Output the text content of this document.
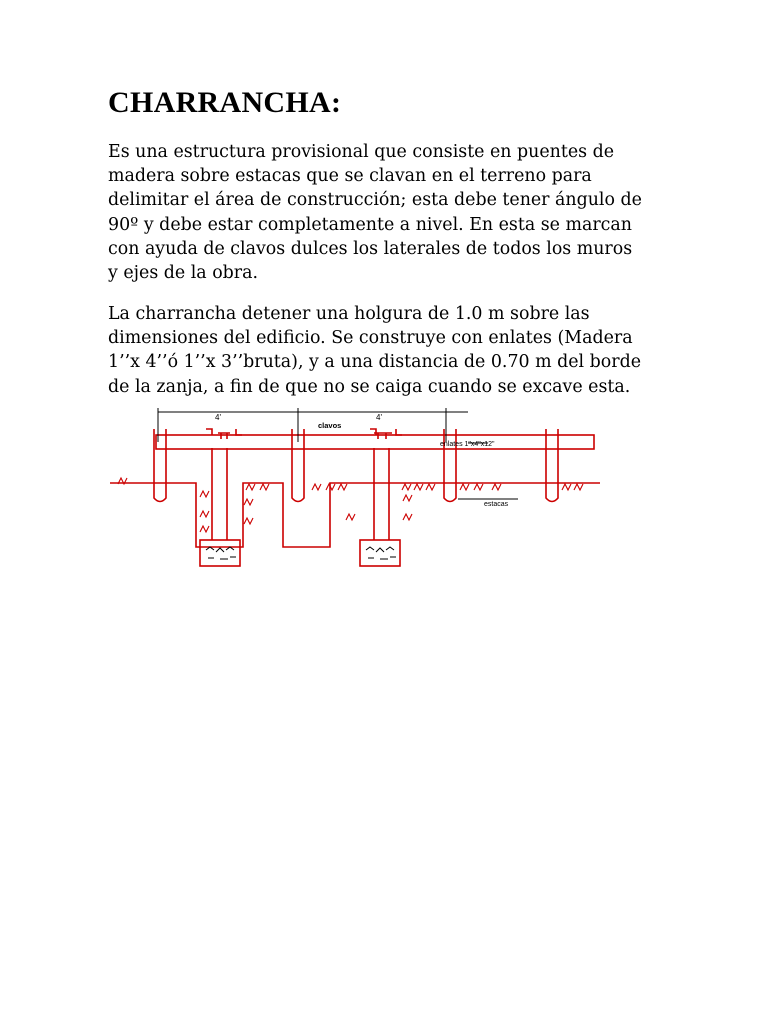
CHARRANCHA:

Es una estructura provisional que consiste en puentes de
madera sobre estacas que se clavan en el terreno para
delimitar el área de construcción; esta debe tener ángulo de
90º y debe estar completamente a nivel. En esta se marcan
con ayuda de clavos dulces los laterales de todos los muros
y ejes de la obra.

La charrancha detener una holgura de 1.0 m sobre las
dimensiones del edificio. Se construye con enlates (Madera
1’’x 4’’ó 1’’x 3’’bruta), y a una distancia de 0.70 m del borde
de la zanja, a fin de que no se caiga cuando se excave esta.

4'	4'
clavos
enlates 1"x4"x12"
estacas
